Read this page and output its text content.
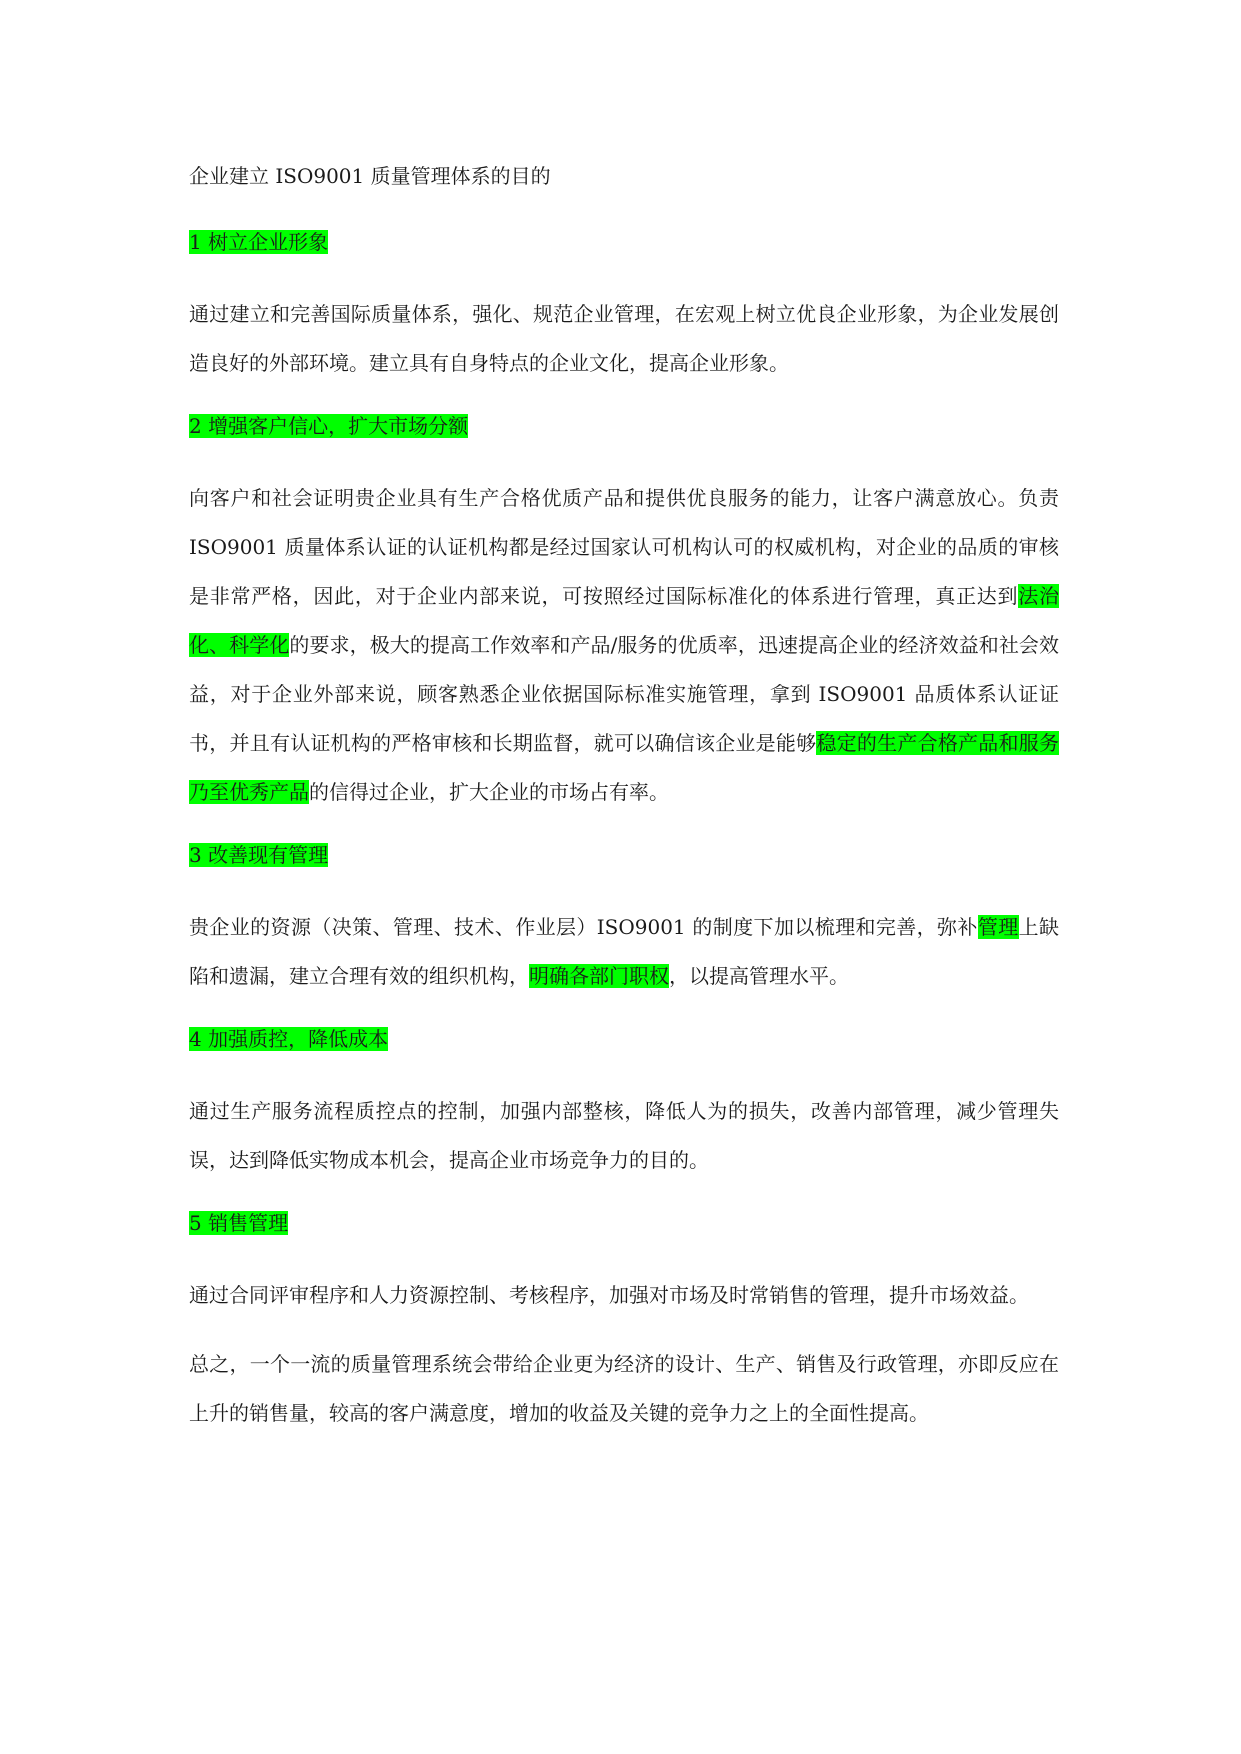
企业建立 ISO9001 质量管理体系的目的
1 树立企业形象

通过建立和完善国际质量体系，强化、规范企业管理，在宏观上树立优良企业形象，为企业发展创造良好的外部环境。建立具有自身特点的企业文化，提高企业形象。

2 增强客户信心，扩大市场分额

向客户和社会证明贵企业具有生产合格优质产品和提供优良服务的能力，让客户满意放心。负责 ISO9001 质量体系认证的认证机构都是经过国家认可机构认可的权威机构，对企业的品质的审核是非常严格，因此，对于企业内部来说，可按照经过国际标准化的体系进行管理，真正达到法治化、科学化的要求，极大的提高工作效率和产品/服务的优质率，迅速提高企业的经济效益和社会效益，对于企业外部来说，顾客熟悉企业依据国际标准实施管理，拿到 ISO9001 品质体系认证证书，并且有认证机构的严格审核和长期监督，就可以确信该企业是能够稳定的生产合格产品和服务乃至优秀产品的信得过企业，扩大企业的市场占有率。

3 改善现有管理

贵企业的资源（决策、管理、技术、作业层）ISO9001 的制度下加以梳理和完善，弥补管理上缺陷和遗漏，建立合理有效的组织机构，明确各部门职权，以提高管理水平。

4 加强质控，降低成本

通过生产服务流程质控点的控制，加强内部整核，降低人为的损失，改善内部管理，减少管理失误，达到降低实物成本机会，提高企业市场竞争力的目的。

5 销售管理

通过合同评审程序和人力资源控制、考核程序，加强对市场及时常销售的管理，提升市场效益。

总之，一个一流的质量管理系统会带给企业更为经济的设计、生产、销售及行政管理，亦即反应在上升的销售量，较高的客户满意度，增加的收益及关键的竞争力之上的全面性提高。
